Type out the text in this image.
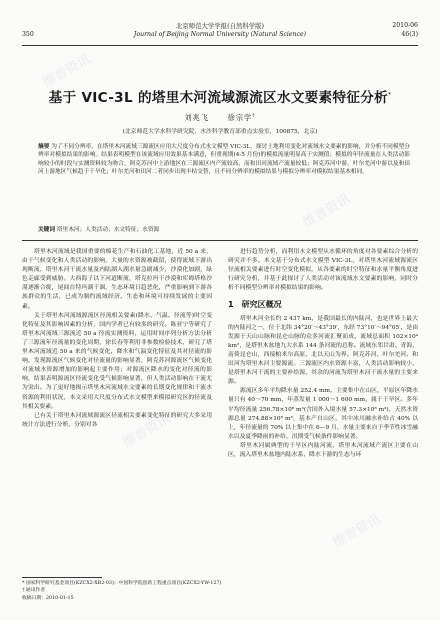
北京师范大学学报(自然科学版)
Journal of Beijing Normal University (Natural Science)
350
2010-06
46(3)
基于 VIC-3L 的塔里木河流域源流区水文要素特征分析*
刘兆飞	徐宗学†
(北京师范大学水科学研究院，水沙科学教育部重点实验室，100875，北京)
摘要 为了不同分辨率，在塔里木河流域三源流区应用大尺度分布式水文模型 VIC-3L，探讨土地利用变化对流域水文要素的影响，并分析不同模型分辨率对模拟结果的影响。结果表明模型在该流域应用效果基本满意，但重现期(4-5 月份)的模拟流量明显高于实测值；模拟的年径流量在人类活动影响较小的时段与实测资料较为吻合。阿克苏河中上游地区在三源流区内产流较高，而和田河流域产流量较低；阿克苏河中游，叶尔羌河中游以及和田河上游地区气候趋于干旱化；叶尔羌河和田河二者同步出现丰枯交替，且不同分辨率的模拟结果与模拟分辨率对模拟结果基本相同。
关键词 塔里木河；人类活动；水文特征；水资源

塔里木河流域是我国重要的棉花生产和石油化工基地，近 50 a 来，由于气候变化和人类活动的影响，大量的水资源被截留，使得流域下游出现断流，塔里木河干流水量及内陆湖入湖水量急剧减少，沙漠化加剧，绿色走廊受到威胁。大西海子以下河道断流，塔克拉玛干沙漠和库姆塔格沙漠逐渐合拢，尾闾台特玛湖干涸，生态环境日趋恶化，严重影响到下游各族群众的生活，已成为制约流域经济、生态和环境可持续发展的主要因素。

关于塔里木河流域源流区径流相关要素(降水、气温、径流等)时空变化特征及其影响因素的分析，国内学者已有较多的研究。陈亚宁等研究了塔里木河流域三源流近 50 a 径流实测资料，运用时间序列分析方法分析了三源流年径流量的变化周期，徐长春等利用非参数检验技术，研究了塔里木河流域近 50 a 来的气候变化，降水和气温变化特征及其对径流的影响，发现源流区气候变化对径流量的影响显著，阿克苏河源流区气候变化对流域水资源增加的影响起主要作用；对源流区降水的变化对径流的影响，结果表明源流区径流变化受气候影响显著，但人类活动影响在干流尤为突出。为了更好地揭示塔里木河流域水文要素的长期变化规律和干流水资源的利用状况，本文采用大尺度分布式水文模型来模拟研究区的径流及其相关要素。

已有关于塔里木河流域源流区径流相关要素变化特征的研究大多采用统计方法进行分析，分别对各

进行趋势分析，而利用水文模型从水循环的角度对各要素综合分析的研究并不多。本文基于分布式水文模型 VIC-3L，对塔里木河流域源流区径流相关要素进行时空变化模拟，从各要素的时空特征和水量平衡角度进行研究分析，并基于此探讨了人类活动对该流域水文要素的影响，同时分析不同模型分辨率对模拟结果的影响。

1　研究区概况

塔里木河全长约 2 437 km，是我国最长的内陆河，也是世界上最大的内陆河之一，位于北纬 34°20′～43°39′，东经 73°10′～94°05′，是由发源于天山山脉和昆仑山脉的众多河流汇聚而成，流域总面积 102×10⁴ km²，是塔里木盆地九大水系 144 条河流的总称。流域东邻甘肃、青海，南倚昆仑山，西接帕米尔高原，北以天山为界。阿克苏河、叶尔羌河、和田河为塔里木河主要源流。三源流区内水资源丰富，人类活动影响较小，是塔里木河干流的主要补给源，其余的河流为塔里木河干流水量的主要来源。

源流区多年平均降水量 252.4 mm，主要集中在山区，平原区年降水量只有 40～70 mm，年蒸发量 1 000～1 600 mm，属于干旱区。多年平均径流量 256.78×10⁸ m³(含国外入境水量 57.3×10⁸ m³)，天然水资源总量 274.88×10⁸ m³，基本产自山区，其中冰川融水补给占 40% 以上，年径流量的 70% 以上集中在 6—9 月，水量主要来自于季节性冰雪融水以及夏季降雨的补给，汛期受气候条件影响显著。

塔里木河属典型的干旱区内陆河流，塔里木河流域产流区主要在山区，流入塔里木盆地内陆水系，降水下游的生态与环

* 国家科学研究基金项目(KZCX2-XB2-03)；中国科学院创新工程重点项目(KZCX2-YW-127)
† 通讯作者
收稿日期：2010-01-15
维普资讯
维普资讯
维普资讯
维普资讯
